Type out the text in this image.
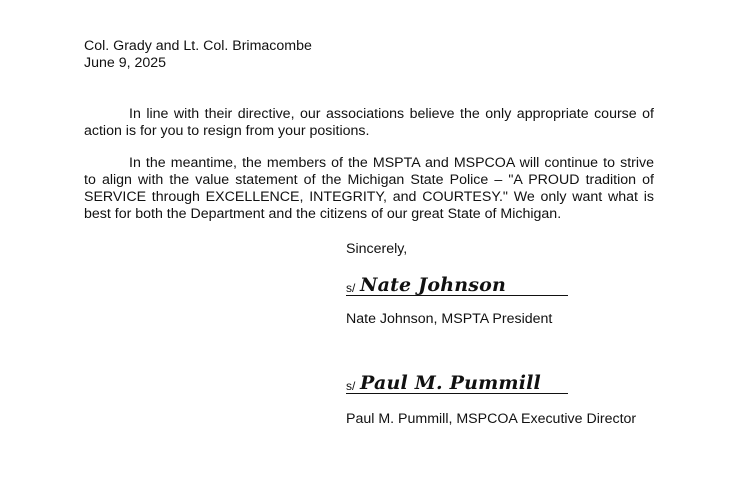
Col. Grady and Lt. Col. Brimacombe
June 9, 2025
In line with their directive, our associations believe the only appropriate course of
action is for you to resign from your positions.
In the meantime, the members of the MSPTA and MSPCOA will continue to strive
to align with the value statement of the Michigan State Police – "A PROUD tradition of
SERVICE through EXCELLENCE, INTEGRITY, and COURTESY." We only want what is
best for both the Department and the citizens of our great State of Michigan.
Sincerely,
s/ Nate Johnson
Nate Johnson, MSPTA President
s/ Paul M. Pummill
Paul M. Pummill, MSPCOA Executive Director
